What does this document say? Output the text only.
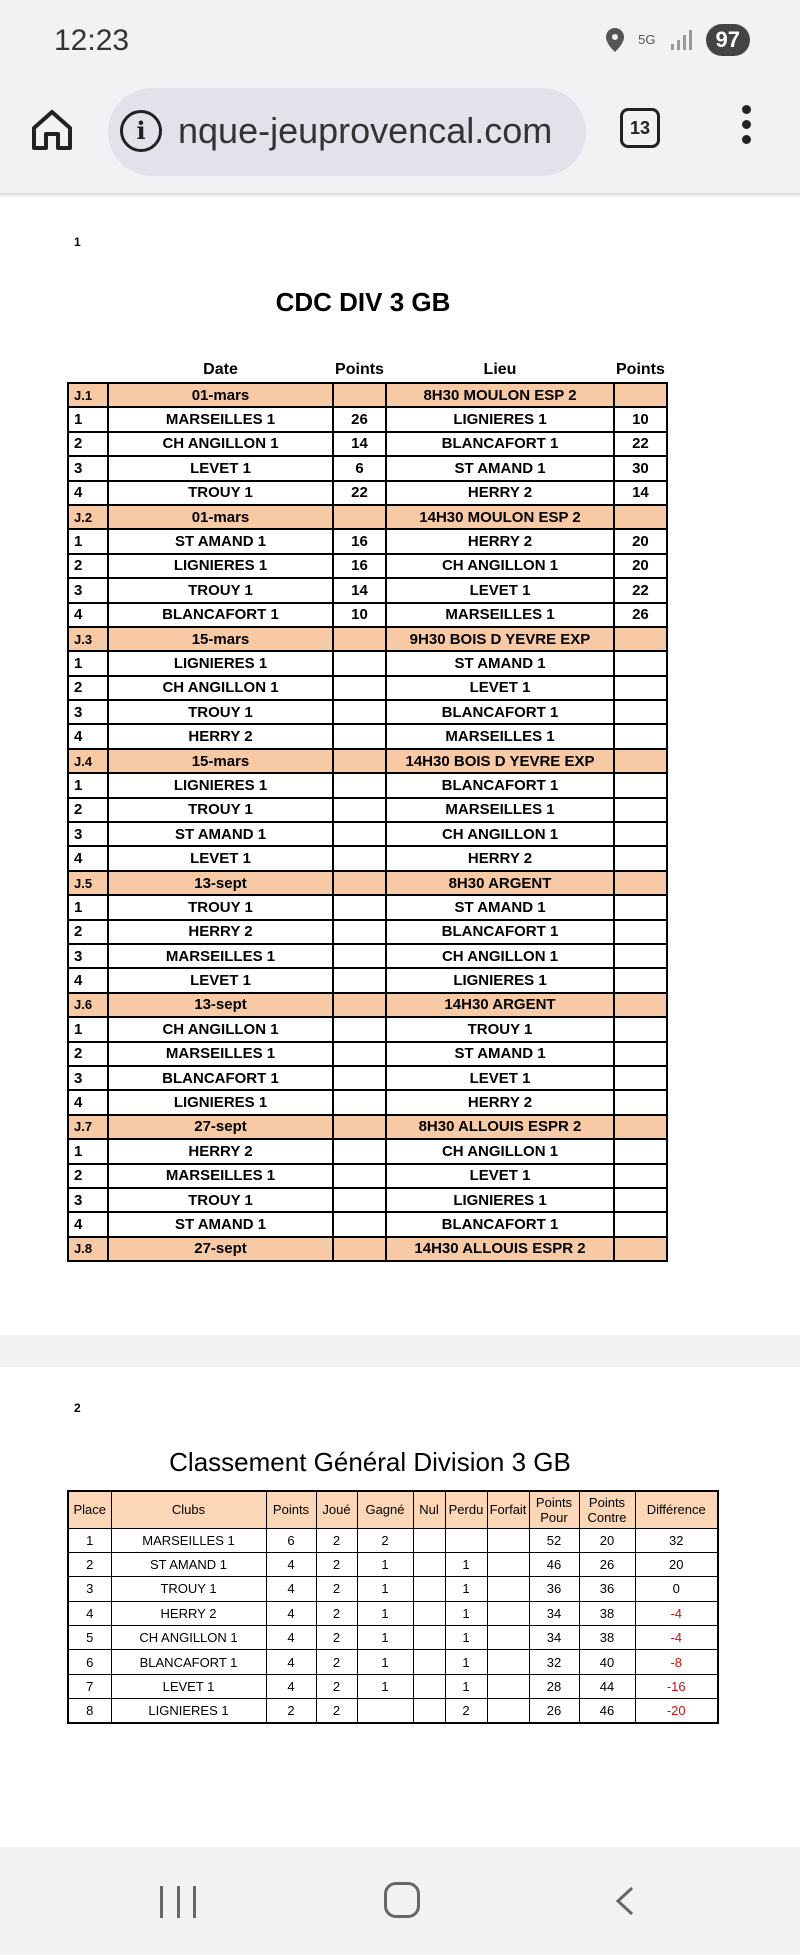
12:23	5G	97
i nque-jeuprovencal.com	13
1
CDC DIV 3 GB
	Date	Points	Lieu	Points
J.1	01-mars		8H30 MOULON ESP 2	
1	MARSEILLES 1	26	LIGNIERES 1	10
2	CH ANGILLON 1	14	BLANCAFORT 1	22
3	LEVET 1	6	ST AMAND 1	30
4	TROUY 1	22	HERRY 2	14
J.2	01-mars		14H30 MOULON ESP 2	
1	ST AMAND 1	16	HERRY 2	20
2	LIGNIERES 1	16	CH ANGILLON 1	20
3	TROUY 1	14	LEVET 1	22
4	BLANCAFORT 1	10	MARSEILLES 1	26
J.3	15-mars		9H30 BOIS D YEVRE EXP	
1	LIGNIERES 1		ST AMAND 1	
2	CH ANGILLON 1		LEVET 1	
3	TROUY 1		BLANCAFORT 1	
4	HERRY 2		MARSEILLES 1	
J.4	15-mars		14H30 BOIS D YEVRE EXP	
1	LIGNIERES 1		BLANCAFORT 1	
2	TROUY 1		MARSEILLES 1	
3	ST AMAND 1		CH ANGILLON 1	
4	LEVET 1		HERRY 2	
J.5	13-sept		8H30 ARGENT	
1	TROUY 1		ST AMAND 1	
2	HERRY 2		BLANCAFORT 1	
3	MARSEILLES 1		CH ANGILLON 1	
4	LEVET 1		LIGNIERES 1	
J.6	13-sept		14H30 ARGENT	
1	CH ANGILLON 1		TROUY 1	
2	MARSEILLES 1		ST AMAND 1	
3	BLANCAFORT 1		LEVET 1	
4	LIGNIERES 1		HERRY 2	
J.7	27-sept		8H30 ALLOUIS ESPR 2	
1	HERRY 2		CH ANGILLON 1	
2	MARSEILLES 1		LEVET 1	
3	TROUY 1		LIGNIERES 1	
4	ST AMAND 1		BLANCAFORT 1	
J.8	27-sept		14H30 ALLOUIS ESPR 2	
2
Classement Général Division 3 GB
Place	Clubs	Points	Joué	Gagné	Nul	Perdu	Forfait	Points Pour	Points Contre	Différence
1	MARSEILLES 1	6	2	2				52	20	32
2	ST AMAND 1	4	2	1		1		46	26	20
3	TROUY 1	4	2	1		1		36	36	0
4	HERRY 2	4	2	1		1		34	38	-4
5	CH ANGILLON 1	4	2	1		1		34	38	-4
6	BLANCAFORT 1	4	2	1		1		32	40	-8
7	LEVET 1	4	2	1		1		28	44	-16
8	LIGNIERES 1	2	2			2		26	46	-20
